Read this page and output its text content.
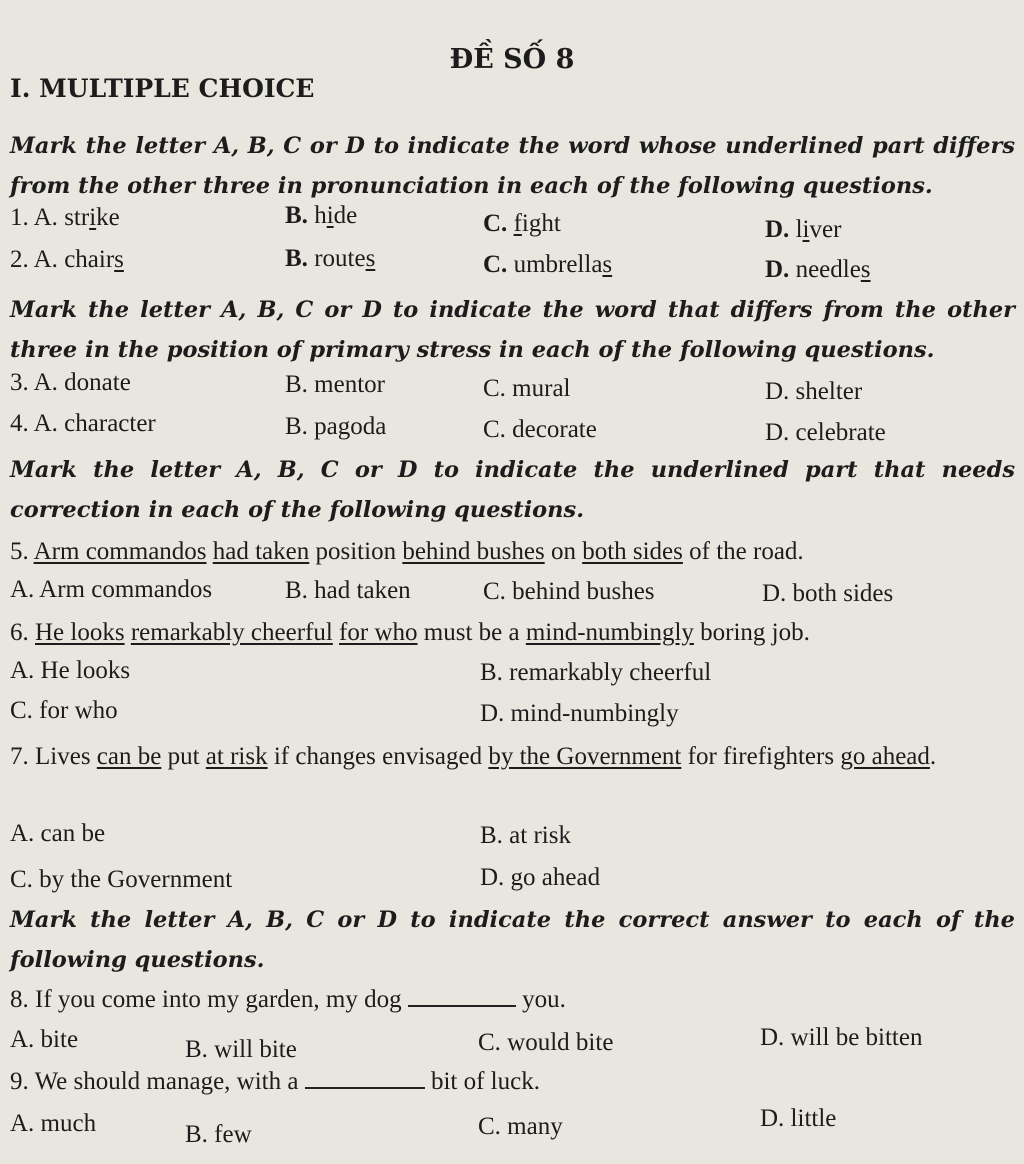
ĐỀ SỐ 8
I. MULTIPLE CHOICE
Mark the letter A, B, C or D to indicate the word whose underlined part differs from the other three in pronunciation in each of the following questions.
1. A. strike	B. hide	C. fight	D. liver
2. A. chairs	B. routes	C. umbrellas	D. needles
Mark the letter A, B, C or D to indicate the word that differs from the other three in the position of primary stress in each of the following questions.
3. A. donate	B. mentor	C. mural	D. shelter
4. A. character	B. pagoda	C. decorate	D. celebrate
Mark the letter A, B, C or D to indicate the underlined part that needs correction in each of the following questions.
5. Arm commandos had taken position behind bushes on both sides of the road.
A. Arm commandos	B. had taken	C. behind bushes	D. both sides
6. He looks remarkably cheerful for who must be a mind-numbingly boring job.
A. He looks	B. remarkably cheerful
C. for who	D. mind-numbingly
7. Lives can be put at risk if changes envisaged by the Government for firefighters go ahead.
A. can be	B. at risk
C. by the Government	D. go ahead
Mark the letter A, B, C or D to indicate the correct answer to each of the following questions.
8. If you come into my garden, my dog	you.
A. bite	B. will bite	C. would bite	D. will be bitten
9. We should manage, with a	bit of luck.
A. much	B. few	C. many	D. little
